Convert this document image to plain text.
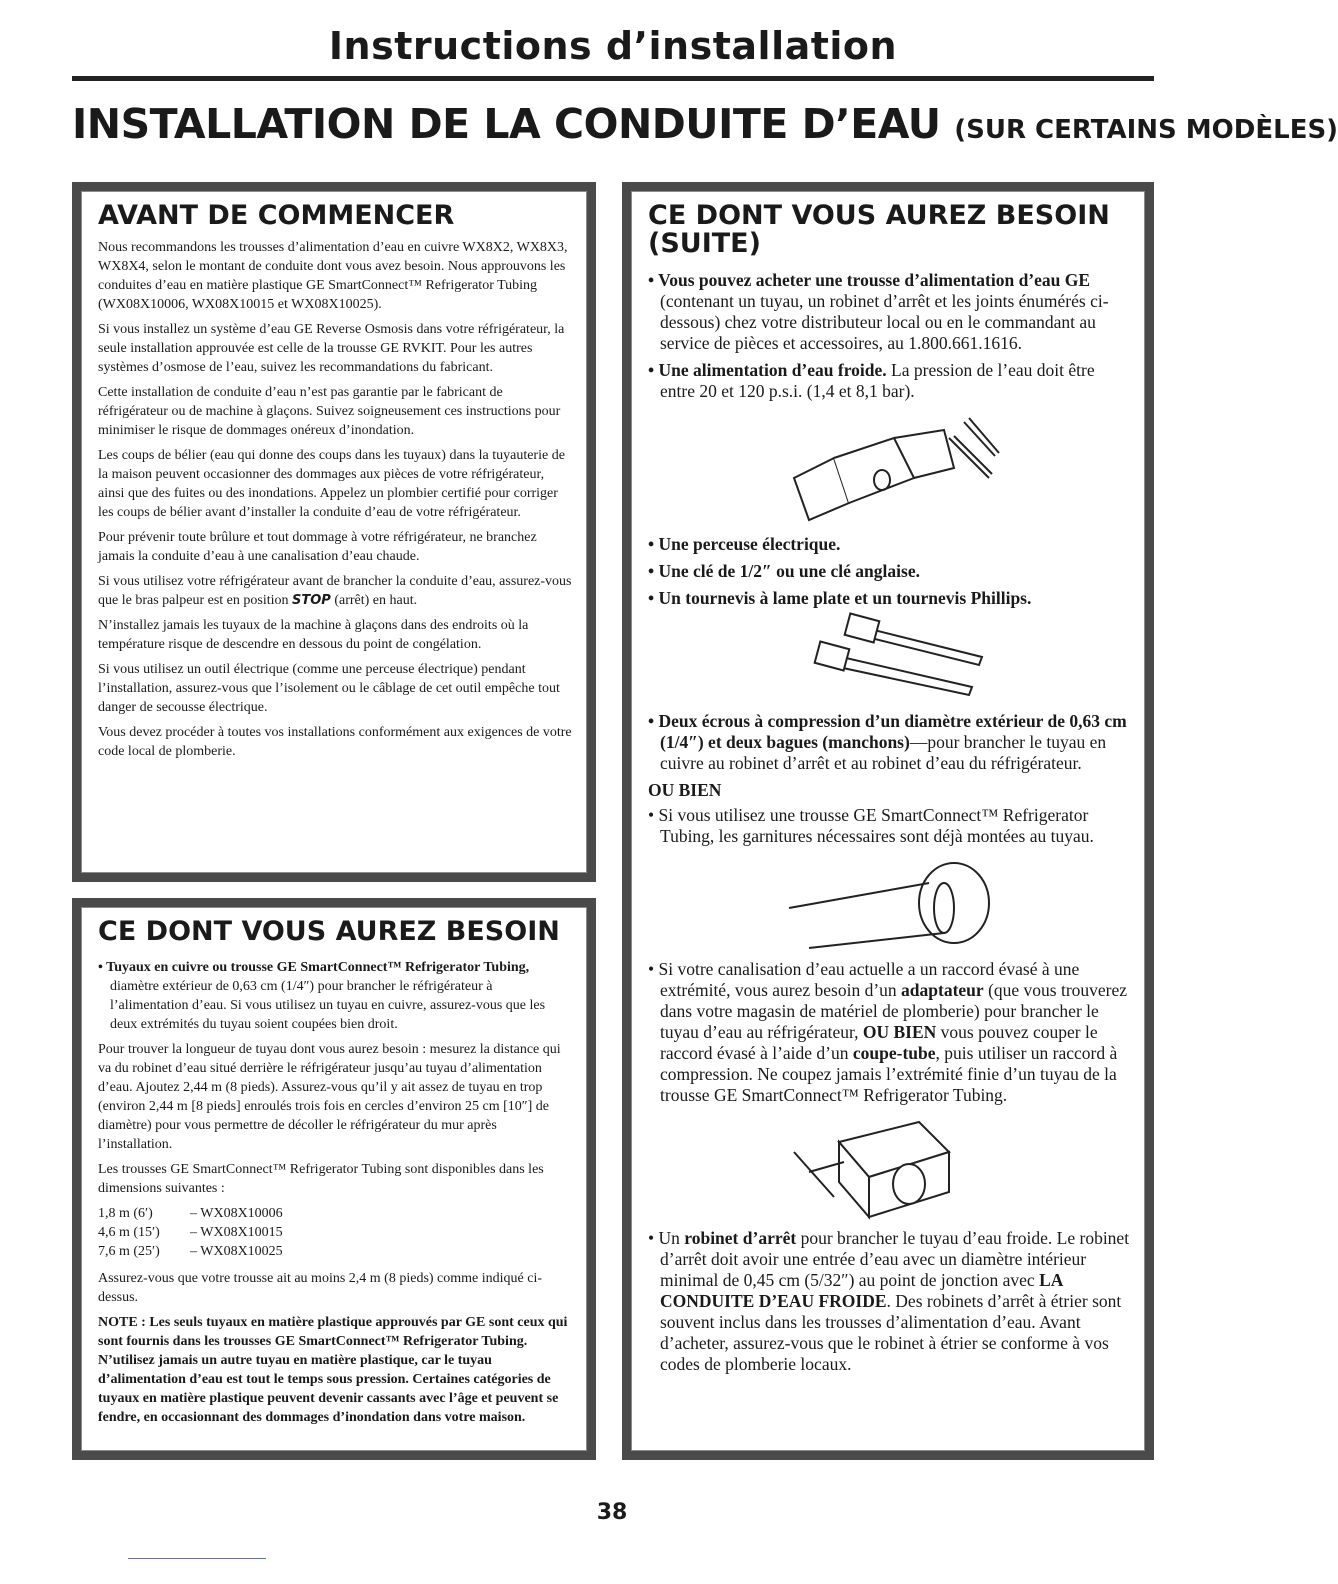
Instructions d’installation
INSTALLATION DE LA CONDUITE D’EAU (SUR CERTAINS MODÈLES)
AVANT DE COMMENCER

Nous recommandons les trousses d’alimentation d’eau en cuivre WX8X2, WX8X3, WX8X4, selon le montant de conduite dont vous avez besoin. Nous approuvons les conduites d’eau en matière plastique GE SmartConnect™ Refrigerator Tubing (WX08X10006, WX08X10015 et WX08X10025).

Si vous installez un système d’eau GE Reverse Osmosis dans votre réfrigérateur, la seule installation approuvée est celle de la trousse GE RVKIT. Pour les autres systèmes d’osmose de l’eau, suivez les recommandations du fabricant.

Cette installation de conduite d’eau n’est pas garantie par le fabricant de réfrigérateur ou de machine à glaçons. Suivez soigneusement ces instructions pour minimiser le risque de dommages onéreux d’inondation.

Les coups de bélier (eau qui donne des coups dans les tuyaux) dans la tuyauterie de la maison peuvent occasionner des dommages aux pièces de votre réfrigérateur, ainsi que des fuites ou des inondations. Appelez un plombier certifié pour corriger les coups de bélier avant d’installer la conduite d’eau de votre réfrigérateur.

Pour prévenir toute brûlure et tout dommage à votre réfrigérateur, ne branchez jamais la conduite d’eau à une canalisation d’eau chaude.

Si vous utilisez votre réfrigérateur avant de brancher la conduite d’eau, assurez-vous que le bras palpeur est en position STOP (arrêt) en haut.

N’installez jamais les tuyaux de la machine à glaçons dans des endroits où la température risque de descendre en dessous du point de congélation.

Si vous utilisez un outil électrique (comme une perceuse électrique) pendant l’installation, assurez-vous que l’isolement ou le câblage de cet outil empêche tout danger de secousse électrique.

Vous devez procéder à toutes vos installations conformément aux exigences de votre code local de plomberie.

CE DONT VOUS AUREZ BESOIN

• Tuyaux en cuivre ou trousse GE SmartConnect™ Refrigerator Tubing, diamètre extérieur de 0,63 cm (1/4″) pour brancher le réfrigérateur à l’alimentation d’eau. Si vous utilisez un tuyau en cuivre, assurez-vous que les deux extrémités du tuyau soient coupées bien droit.

Pour trouver la longueur de tuyau dont vous aurez besoin : mesurez la distance qui va du robinet d’eau situé derrière le réfrigérateur jusqu’au tuyau d’alimentation d’eau. Ajoutez 2,44 m (8 pieds). Assurez-vous qu’il y ait assez de tuyau en trop (environ 2,44 m [8 pieds] enroulés trois fois en cercles d’environ 25 cm [10″] de diamètre) pour vous permettre de décoller le réfrigérateur du mur après l’installation.

Les trousses GE SmartConnect™ Refrigerator Tubing sont disponibles dans les dimensions suivantes :

1,8 m (6′)	– WX08X10006
4,6 m (15′)	– WX08X10015
7,6 m (25′)	– WX08X10025

Assurez-vous que votre trousse ait au moins 2,4 m (8 pieds) comme indiqué ci-dessus.

NOTE : Les seuls tuyaux en matière plastique approuvés par GE sont ceux qui sont fournis dans les trousses GE SmartConnect™ Refrigerator Tubing. N’utilisez jamais un autre tuyau en matière plastique, car le tuyau d’alimentation d’eau est tout le temps sous pression. Certaines catégories de tuyaux en matière plastique peuvent devenir cassants avec l’âge et peuvent se fendre, en occasionnant des dommages d’inondation dans votre maison.

CE DONT VOUS AUREZ BESOIN
(SUITE)

• Vous pouvez acheter une trousse d’alimentation d’eau GE (contenant un tuyau, un robinet d’arrêt et les joints énumérés ci-dessous) chez votre distributeur local ou en le commandant au service de pièces et accessoires, au 1.800.661.1616.

• Une alimentation d’eau froide. La pression de l’eau doit être entre 20 et 120 p.s.i. (1,4 et 8,1 bar).

• Une perceuse électrique.

• Une clé de 1/2″ ou une clé anglaise.

• Un tournevis à lame plate et un tournevis Phillips.

• Deux écrous à compression d’un diamètre extérieur de 0,63 cm (1/4″) et deux bagues (manchons)—pour brancher le tuyau en cuivre au robinet d’arrêt et au robinet d’eau du réfrigérateur.

OU BIEN

• Si vous utilisez une trousse GE SmartConnect™ Refrigerator Tubing, les garnitures nécessaires sont déjà montées au tuyau.

• Si votre canalisation d’eau actuelle a un raccord évasé à une extrémité, vous aurez besoin d’un adaptateur (que vous trouverez dans votre magasin de matériel de plomberie) pour brancher le tuyau d’eau au réfrigérateur, OU BIEN vous pouvez couper le raccord évasé à l’aide d’un coupe-tube, puis utiliser un raccord à compression. Ne coupez jamais l’extrémité finie d’un tuyau de la trousse GE SmartConnect™ Refrigerator Tubing.

• Un robinet d’arrêt pour brancher le tuyau d’eau froide. Le robinet d’arrêt doit avoir une entrée d’eau avec un diamètre intérieur minimal de 0,45 cm (5/32″) au point de jonction avec LA CONDUITE D’EAU FROIDE. Des robinets d’arrêt à étrier sont souvent inclus dans les trousses d’alimentation d’eau. Avant d’acheter, assurez-vous que le robinet à étrier se conforme à vos codes de plomberie locaux.

38
